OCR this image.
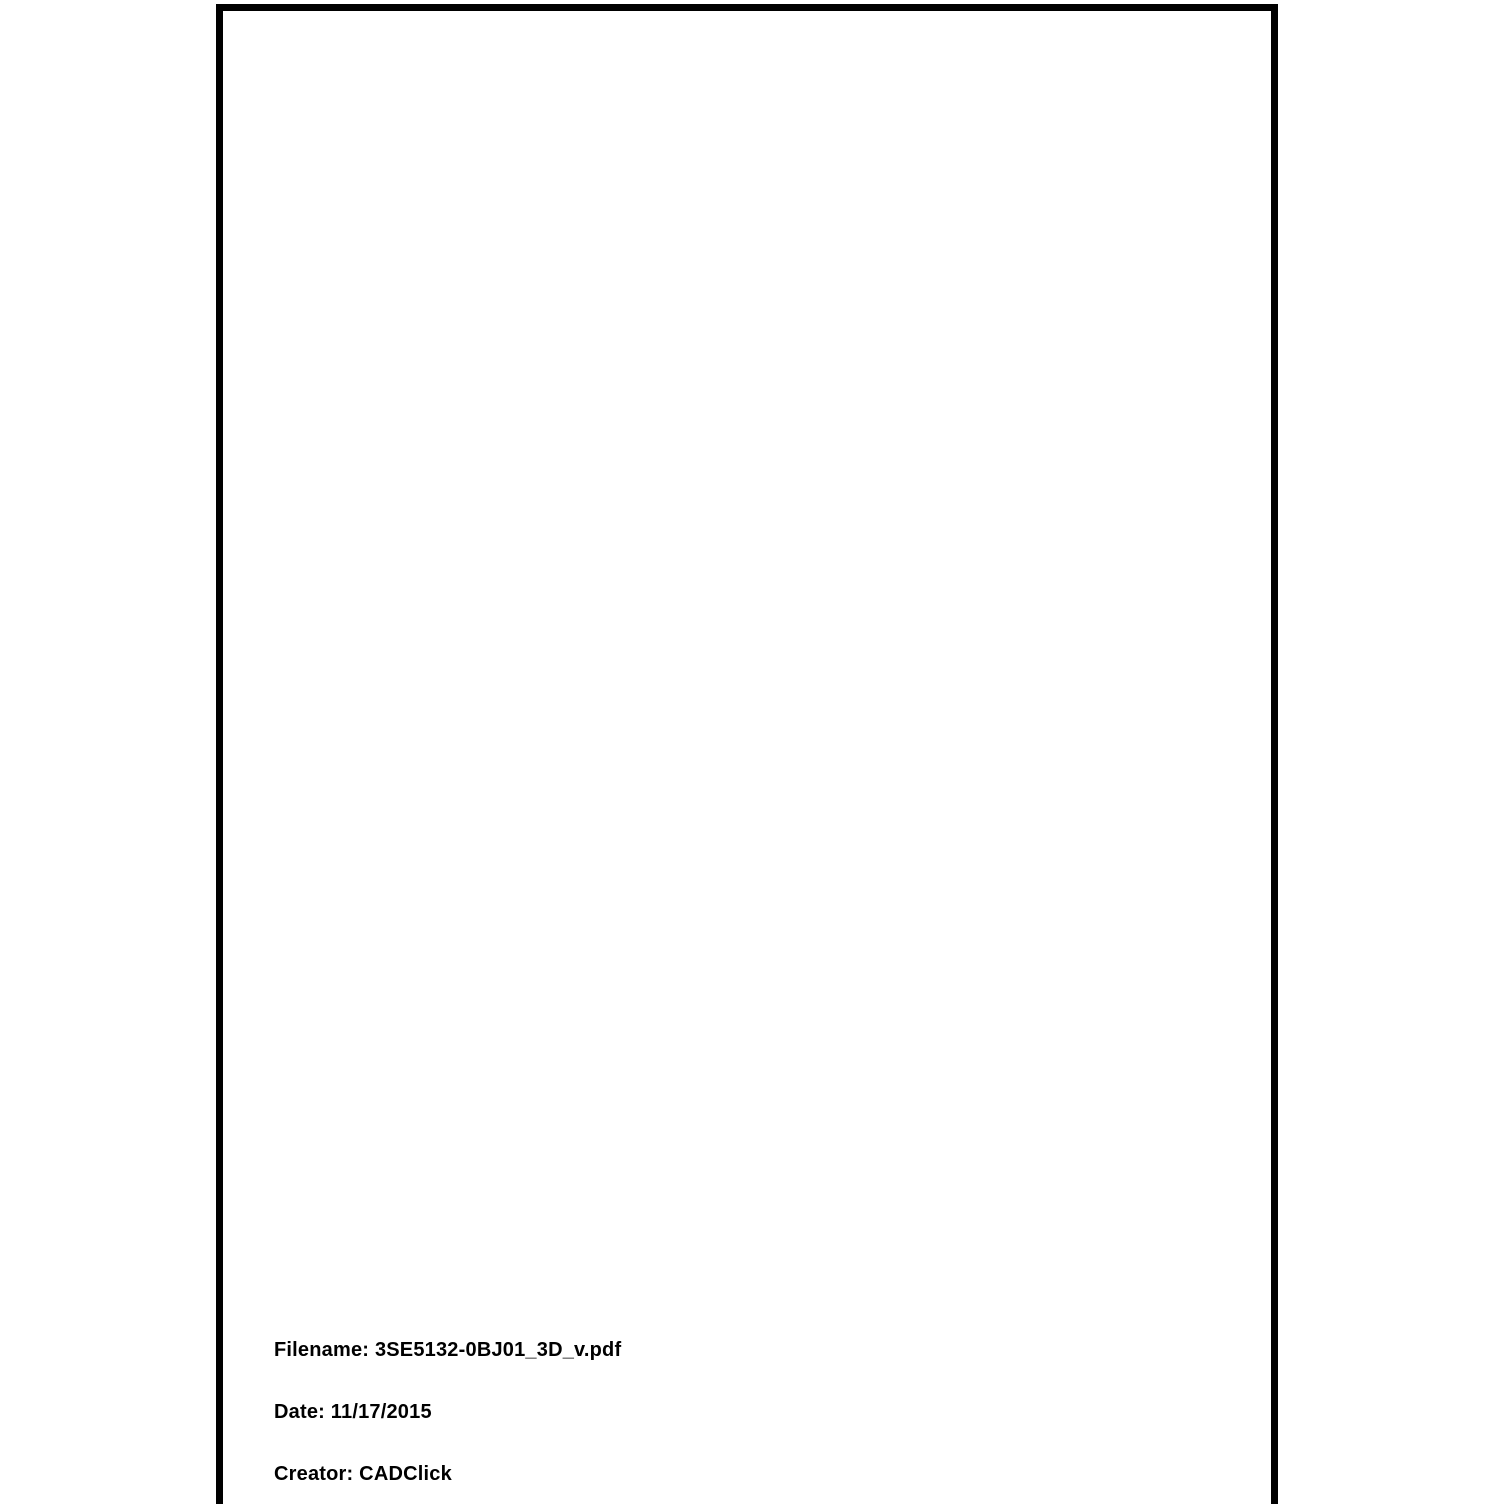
Filename: 3SE5132-0BJ01_3D_v.pdf
Date: 11/17/2015
Creator: CADClick
